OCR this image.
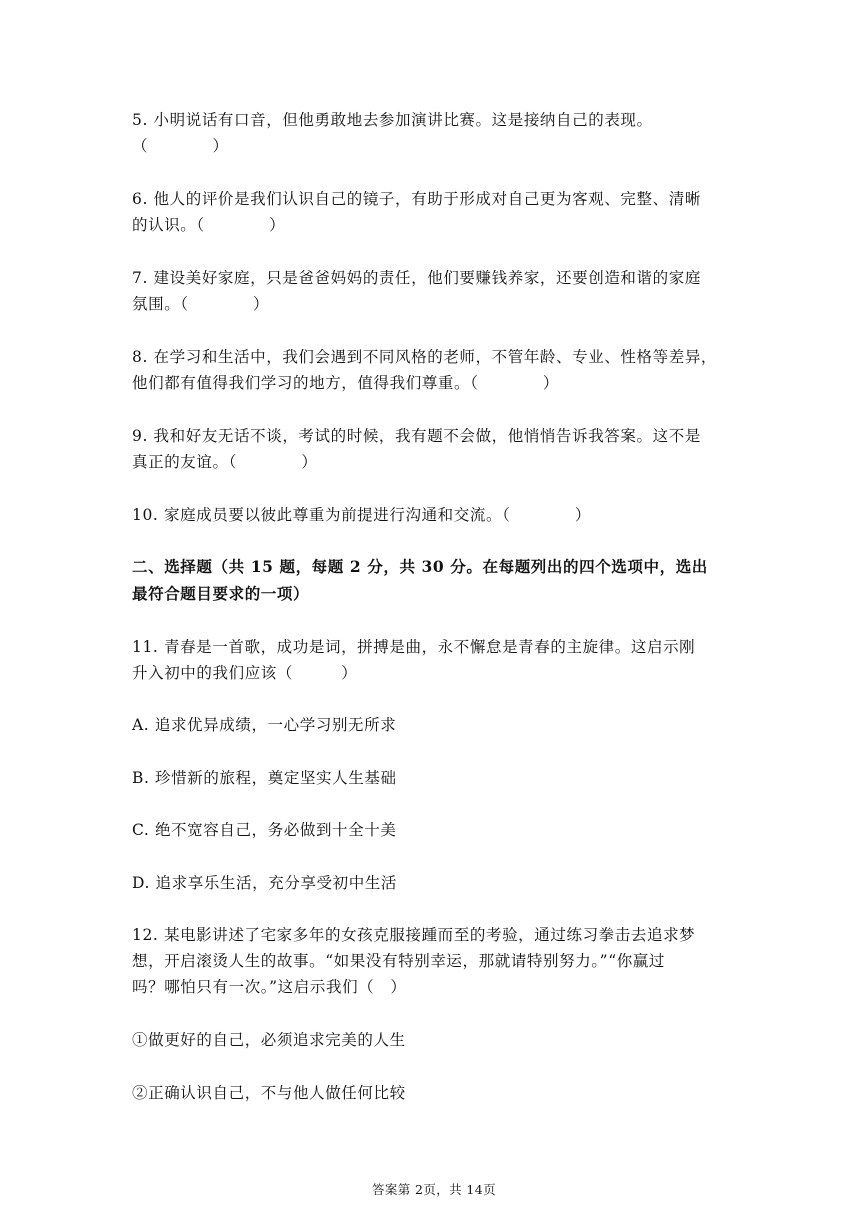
5. 小明说话有口音，但他勇敢地去参加演讲比赛。这是接纳自己的表现。
（　　　　）
6. 他人的评价是我们认识自己的镜子，有助于形成对自己更为客观、完整、清晰
的认识。（　　　　）
7. 建设美好家庭，只是爸爸妈妈的责任，他们要赚钱养家，还要创造和谐的家庭
氛围。（　　　　）
8. 在学习和生活中，我们会遇到不同风格的老师，不管年龄、专业、性格等差异，
他们都有值得我们学习的地方，值得我们尊重。（　　　　）
9. 我和好友无话不谈，考试的时候，我有题不会做，他悄悄告诉我答案。这不是
真正的友谊。（　　　　）
10. 家庭成员要以彼此尊重为前提进行沟通和交流。（　　　　）
二、选择题（共 15 题，每题 2 分，共 30 分。在每题列出的四个选项中，选出
最符合题目要求的一项）
11. 青春是一首歌，成功是词，拼搏是曲，永不懈怠是青春的主旋律。这启示刚
升入初中的我们应该（　　　）
A. 追求优异成绩，一心学习别无所求
B. 珍惜新的旅程，奠定坚实人生基础
C. 绝不宽容自己，务必做到十全十美
D. 追求享乐生活，充分享受初中生活
12. 某电影讲述了宅家多年的女孩克服接踵而至的考验，通过练习拳击去追求梦
想，开启滚烫人生的故事。“如果没有特别幸运，那就请特别努力。”“你赢过
吗？哪怕只有一次。”这启示我们（　）
①做更好的自己，必须追求完美的人生
②正确认识自己，不与他人做任何比较
答案第 2页，共 14页
